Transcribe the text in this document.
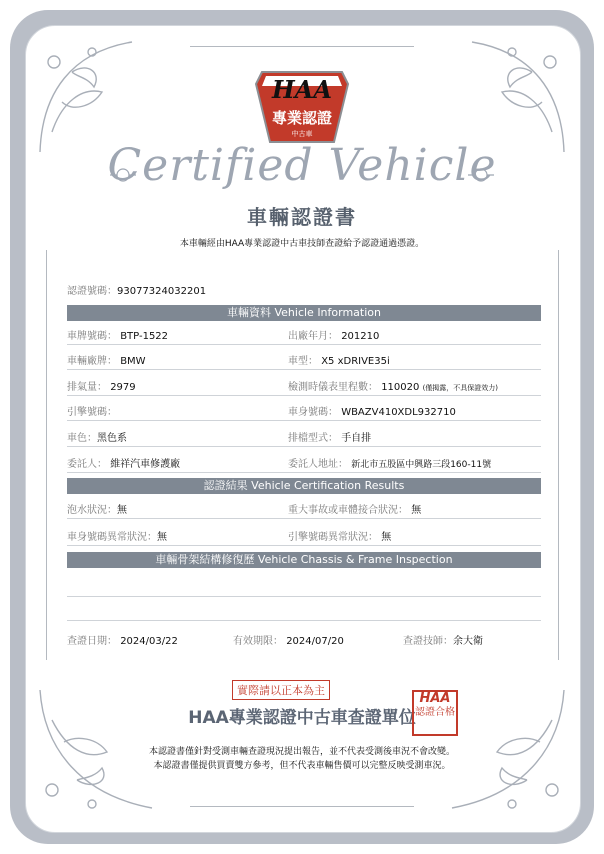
HAA
專業認證
中古車
Certified Vehicle
車輛認證書
本車輛經由HAA專業認證中古車技師查證給予認證通過憑證。
認證號碼：93077324032201
車輛資料 Vehicle Information
車牌號碼： BTP-1522	出廠年月： 201210
車輛廠牌： BMW	車型： X5 xDRIVE35i
排氣量： 2979	檢測時儀表里程數： 110020 (僅揭露，不具保證效力)
引擎號碼：	車身號碼： WBAZV410XDL932710
車色：黑色系	排檔型式： 手自排
委託人： 維祥汽車修護廠	委託人地址： 新北市五股區中興路三段160-11號
認證結果 Vehicle Certification Results
泡水狀況：無	重大事故或車體接合狀況： 無
車身號碼異常狀況：無	引擎號碼異常狀況： 無
車輛骨架結構修復歷 Vehicle Chassis & Frame Inspection
查證日期： 2024/03/22	有效期限： 2024/07/20	查證技師：余大衛
實際請以正本為主
HAA專業認證中古車查證單位
HAA
認證合格
本認證書僅針對受測車輛查證現況提出報告，並不代表受測後車況不會改變。
本認證書僅提供買賣雙方參考，但不代表車輛售價可以完整反映受測車況。
